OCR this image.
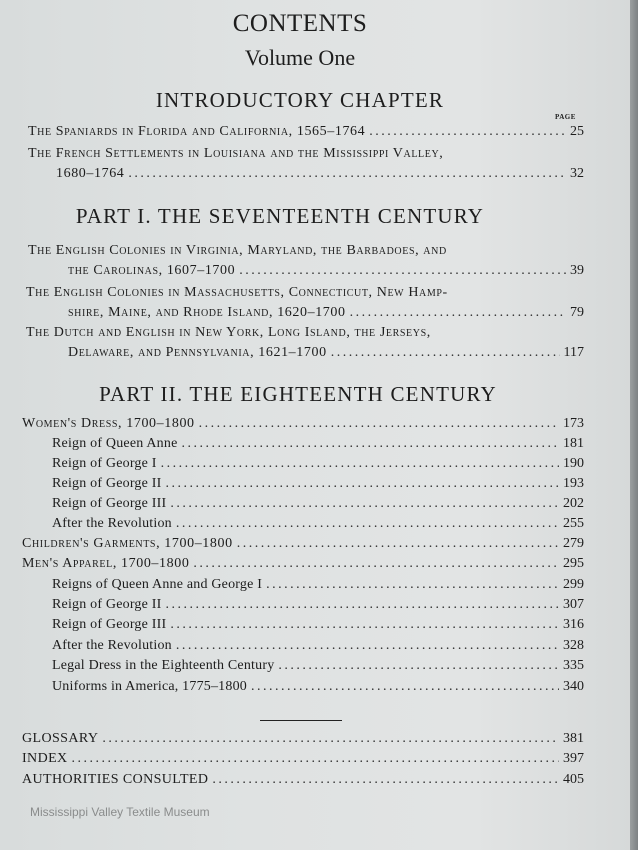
CONTENTS
Volume One
INTRODUCTORY CHAPTER
PAGE
The Spaniards in Florida and California, 1565–1764 . . .	25
The French Settlements in Louisiana and the Mississippi Valley,
1680–1764 . . .	32
PART I. THE SEVENTEENTH CENTURY
The English Colonies in Virginia, Maryland, the Barbadoes, and
the Carolinas, 1607–1700 . . .	39
The English Colonies in Massachusetts, Connecticut, New Hamp-
shire, Maine, and Rhode Island, 1620–1700 . . .	79
The Dutch and English in New York, Long Island, the Jerseys,
Delaware, and Pennsylvania, 1621–1700 . . .	117
PART II. THE EIGHTEENTH CENTURY
Women's Dress, 1700–1800 . . .	173
Reign of Queen Anne . . .	181
Reign of George I . . .	190
Reign of George II . . .	193
Reign of George III . . .	202
After the Revolution . . .	255
Children's Garments, 1700–1800 . . .	279
Men's Apparel, 1700–1800 . . .	295
Reigns of Queen Anne and George I . . .	299
Reign of George II . . .	307
Reign of George III . . .	316
After the Revolution . . .	328
Legal Dress in the Eighteenth Century . . .	335
Uniforms in America, 1775–1800 . . .	340
GLOSSARY . . .	381
INDEX . . .	397
AUTHORITIES CONSULTED . . .	405
Mississippi Valley Textile Museum
